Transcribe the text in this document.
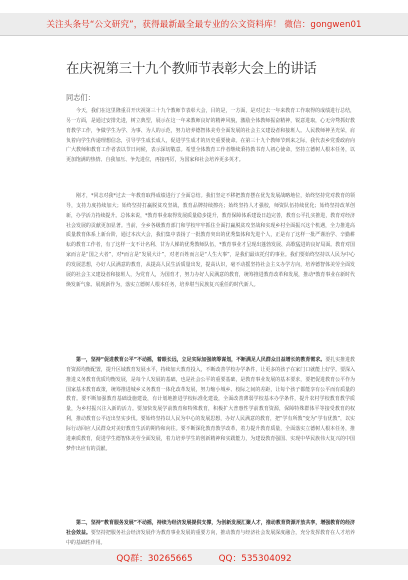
关注头条号“公文研究”，获得最新最全最专业的公文资料库！ 微信：gongwen01
在庆祝第三十九个教师节表彰大会上的讲话
同志们：

今天，我们在这里隆重召开庆祝第三十九个教师节表彰大会，目的是，一方面，是对过去一年来教育工作取得的成绩进行总结，另一方面，是通过安排先进，树立典型，展示在这一年来教师良好的精神风貌，激励全体教师振奋精神，锐意进取，心无旁骛抓好教育教学工作，争做学生为学、为事、为人的示范，努力培养德智体美劳全面发展的社会主义建设者和接班人。人民教师神圣光荣，肩负着向学生传递理想信念，引导学生成长成人，促进学生成才的历史重要使命。在第三十九个教师节到来之际，我代表乡党委政府向广大教师和教育工作者表以节日问候，表示深切敬意。希望全体教育工作者继续秉持教书育人初心使命，坚持立德树人根本任务，以更加饱满的热情、自我加压、争先进位，再接再厉，为国家和社会培养更多英才。

刚才，*同志对我*过去一年教育取得成绩进行了全面总结。我们坚定不移把教育摆在优先发展战略地位，始终坚持党对教育的领导，支持力度持续加大；始终坚持打赢脱贫攻坚战，教育品牌持续擦亮；始终坚持人才强校，师资队伍持续优化；始终坚持改革创新，办学活力持续提升。总体来说，*教育事业取得发展质量稳步提升，教育保障体系建设日趋完善，教育公平扎实推进，教育对经济社会发展的贡献更加显著。当前，全乡各级教育部门和学校牢牢抓住全面打赢脱贫攻坚战和实现乡村全面振兴这个机遇，全力推进高质量教育体系上新台阶，通过本次大会，我们集中表扬了一批教育突出的优秀集体和先进个人，正是有了这样一批严谨治学、辛勤耕耘的教育工作者，有了这样一支不计名利、甘为人梯的优秀教师队伍，*教育事业才呈现出蓬勃发展、高歌猛进的良好局面。教育对国家而言是“国之大者”，对*而言是“发展大计”，对老百姓而言是“人生大事”，是我们最该托付的事业。我们要始终坚持以人民为中心的发展思想，办好人民满意的教育，从提高人民生活质量出发，提高认识，毫不动摇坚持社会主义办学方向，培养德智体美劳全面发展的社会主义建设者和接班人，为党育人，为国育才，努力办好人民满意的教育，统筹推进教育改革和发展，推动*教育事业在新时代焕发新气象、展现新作为，落实立德树人根本任务，培养堪当民族复兴重任的时代新人。

第一，坚持“促进教育公平”不动摇，着眼长远，立足实际加强统筹谋划，不断满足人民群众日益增长的教育需求。要扎实推进教育资源均衡配置，提升区域教育发展水平，持续加大教育投入，不断改善学校办学条件，让更多的孩子在家门口就能上好学。要深入推进义务教育优质均衡发展，是每个人发展的基础，也是社会公平的重要基础，是教育事业发展的基本要求，要把促进教育公平作为国家基本教育政策，统筹推进城乡义务教育一体化改革发展，努力缩小城乡、校际之间的差距，让每个孩子都能享有公平而有质量的教育。要不断加强教育基础设施建设，有计划地推进学校标准化建设，全面改善薄弱学校基本办学条件，提升农村学校教育教学质量，为乡村振兴注入新的活力。要加快发展学前教育和特殊教育，积极扩大普惠性学前教育资源，保障特殊群体平等接受教育的权利，推动教育公平迈出坚实步伐。要始终坚持以人民为中心的发展思想，办好人民满意的教育，把“学有所教”变为“学有优教”，以实际行动回应人民群众对美好教育生活的期待和向往。要不断深化教育教学改革，着力提升教育质量，全面落实立德树人根本任务，推进素质教育，促进学生德智体美劳全面发展，着力培养学生的创新精神和实践能力，为建设教育强国、实现中华民族伟大复兴的中国梦作出应有的贡献。

第二，坚持“教育服务发展”不动摇，持续为经济发展提供支撑，为创新发展汇聚人才，推动教育资源开放共享，增强教育的经济社会效益。要坚持把服务社会经济发展作为教育事业发展的重要方向，推动教育与经济社会发展深度融合，充分发挥教育在人才培养中的基础性作用。

QQ群：30265665	QQ：535304092
